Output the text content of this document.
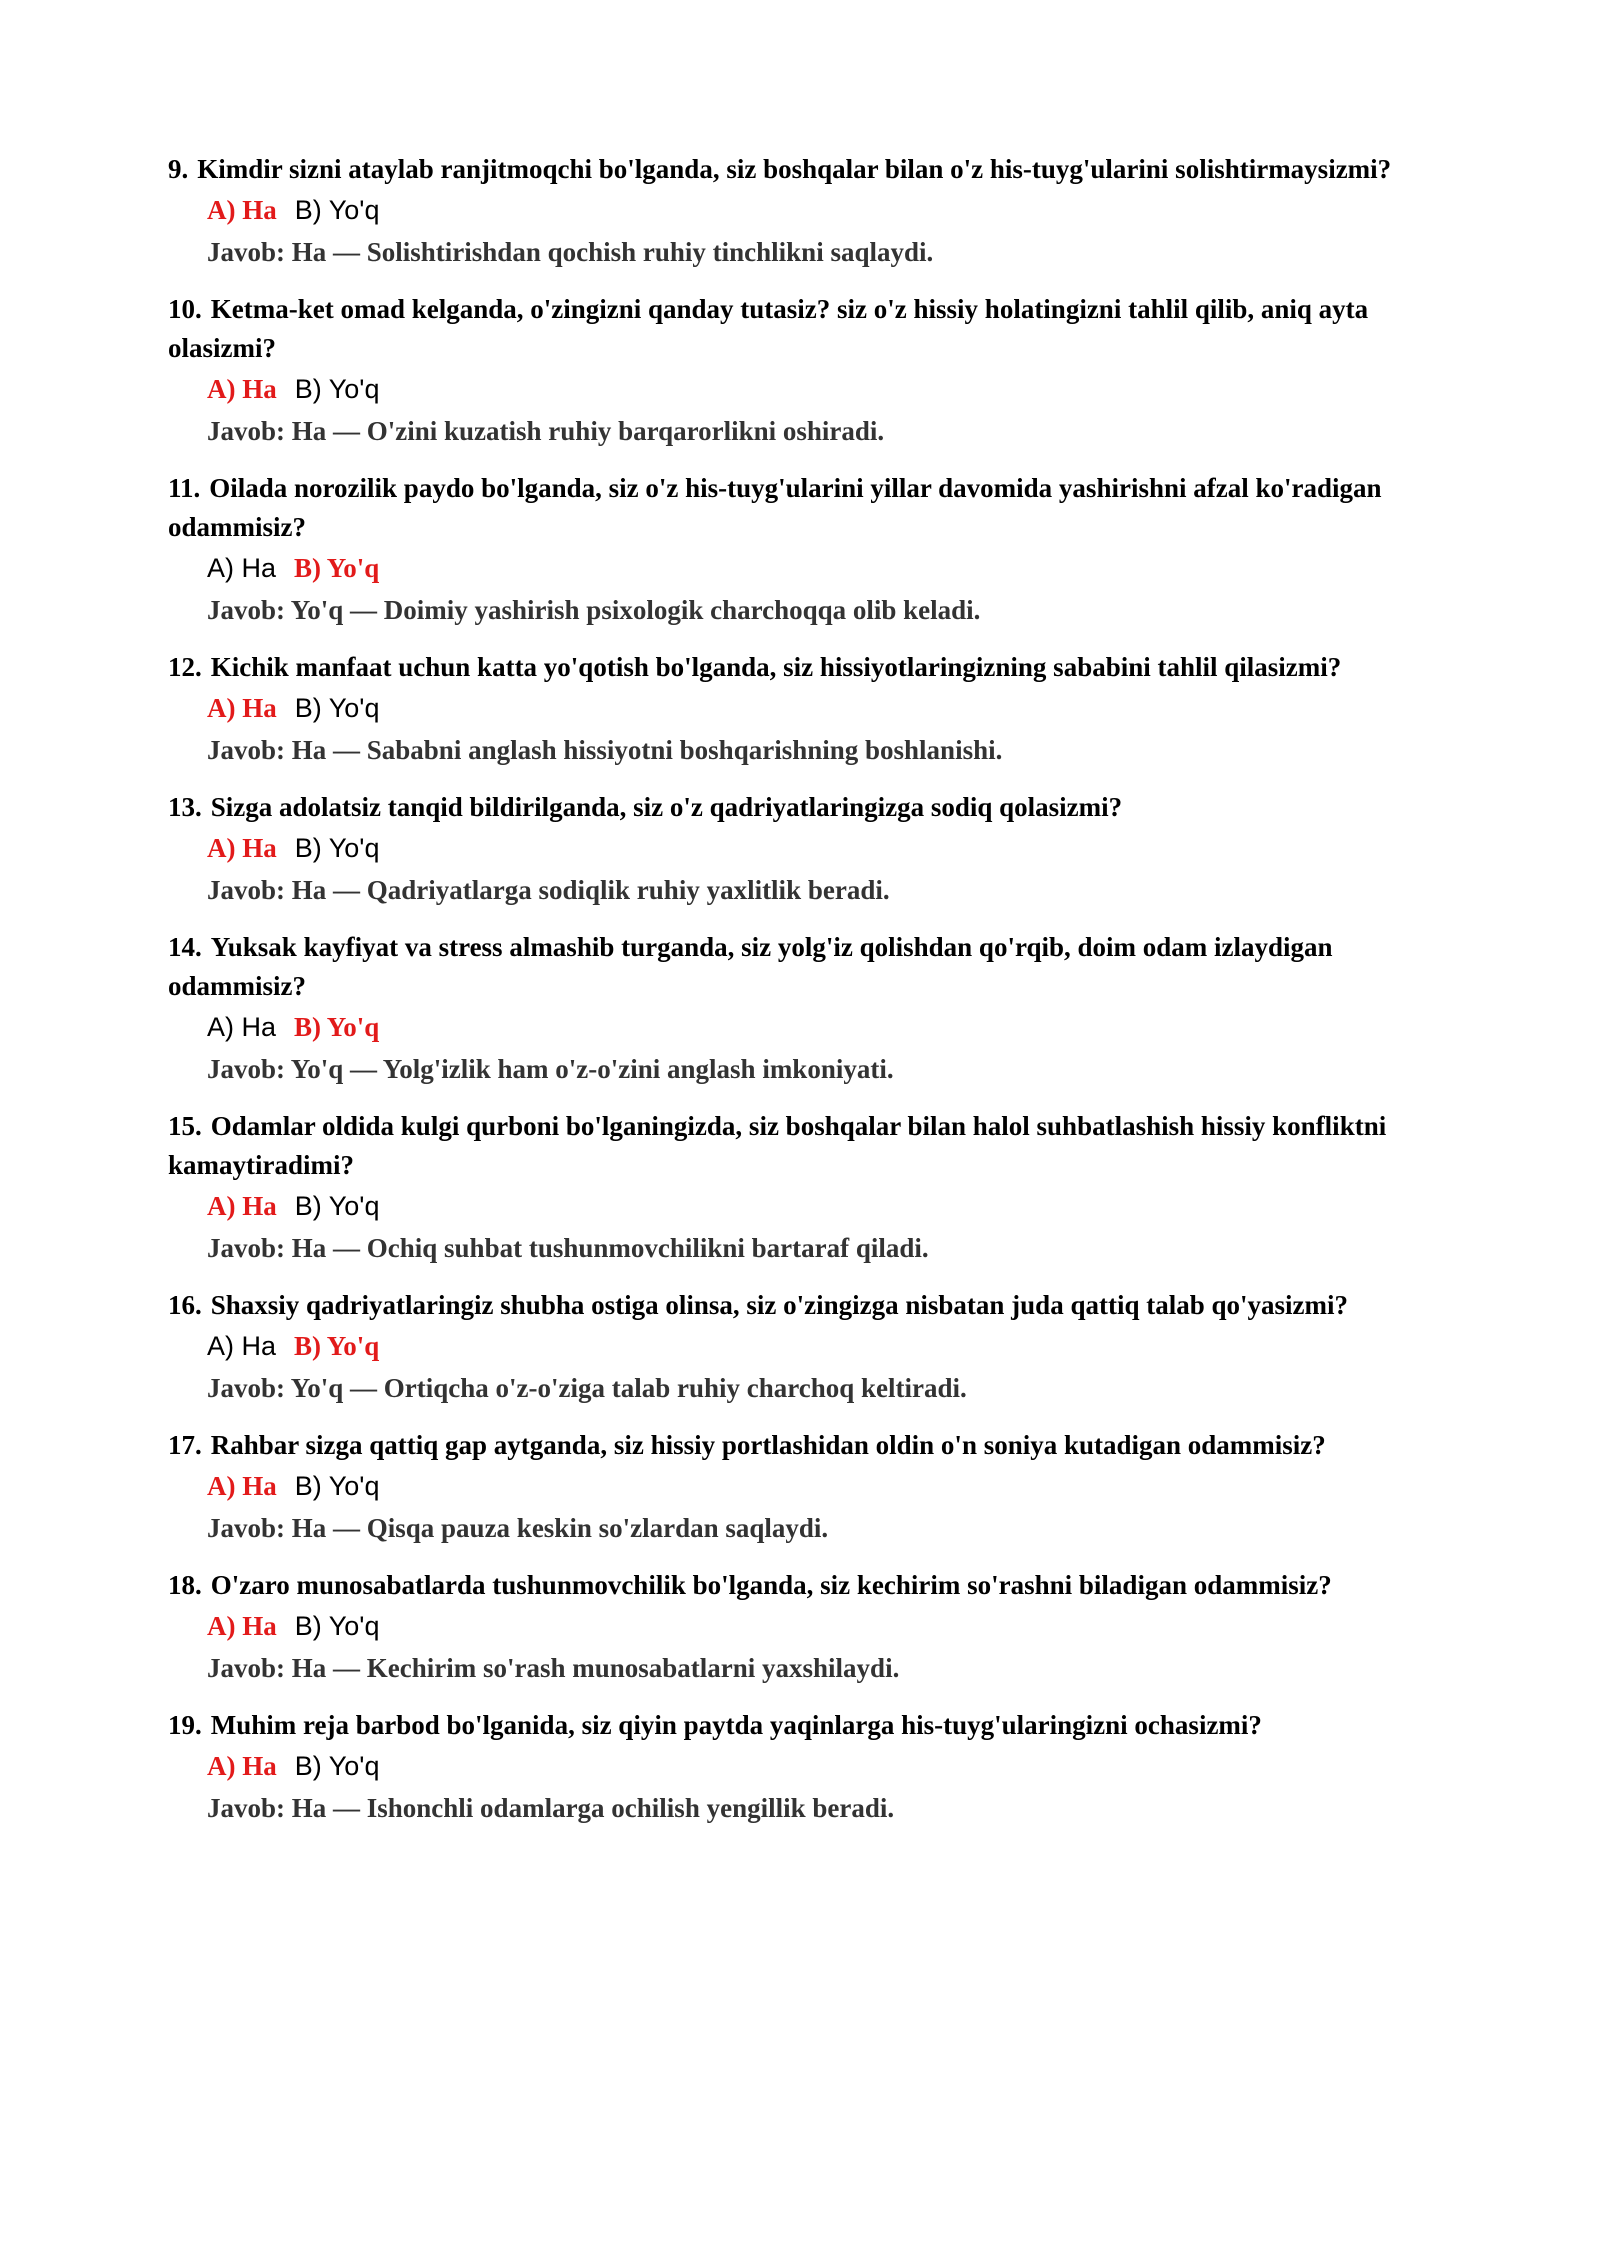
9. Kimdir sizni ataylab ranjitmoqchi bo'lganda, siz boshqalar bilan o'z his-tuyg'ularini solishtirmaysizmi?

A) Ha B) Yo'q
Javob: Ha — Solishtirishdan qochish ruhiy tinchlikni saqlaydi.

10. Ketma-ket omad kelganda, o'zingizni qanday tutasiz? siz o'z hissiy holatingizni tahlil qilib, aniq ayta olasizmi?

A) Ha B) Yo'q
Javob: Ha — O'zini kuzatish ruhiy barqarorlikni oshiradi.

11. Oilada norozilik paydo bo'lganda, siz o'z his-tuyg'ularini yillar davomida yashirishni afzal ko'radigan odammisiz?

A) Ha B) Yo'q
Javob: Yo'q — Doimiy yashirish psixologik charchoqqa olib keladi.

12. Kichik manfaat uchun katta yo'qotish bo'lganda, siz hissiyotlaringizning sababini tahlil qilasizmi?

A) Ha B) Yo'q
Javob: Ha — Sababni anglash hissiyotni boshqarishning boshlanishi.

13. Sizga adolatsiz tanqid bildirilganda, siz o'z qadriyatlaringizga sodiq qolasizmi?

A) Ha B) Yo'q
Javob: Ha — Qadriyatlarga sodiqlik ruhiy yaxlitlik beradi.

14. Yuksak kayfiyat va stress almashib turganda, siz yolg'iz qolishdan qo'rqib, doim odam izlaydigan odammisiz?

A) Ha B) Yo'q
Javob: Yo'q — Yolg'izlik ham o'z-o'zini anglash imkoniyati.

15. Odamlar oldida kulgi qurboni bo'lganingizda, siz boshqalar bilan halol suhbatlashish hissiy konfliktni kamaytiradimi?

A) Ha B) Yo'q
Javob: Ha — Ochiq suhbat tushunmovchilikni bartaraf qiladi.

16. Shaxsiy qadriyatlaringiz shubha ostiga olinsa, siz o'zingizga nisbatan juda qattiq talab qo'yasizmi?

A) Ha B) Yo'q
Javob: Yo'q — Ortiqcha o'z-o'ziga talab ruhiy charchoq keltiradi.

17. Rahbar sizga qattiq gap aytganda, siz hissiy portlashidan oldin o'n soniya kutadigan odammisiz?

A) Ha B) Yo'q
Javob: Ha — Qisqa pauza keskin so'zlardan saqlaydi.

18. O'zaro munosabatlarda tushunmovchilik bo'lganda, siz kechirim so'rashni biladigan odammisiz?

A) Ha B) Yo'q
Javob: Ha — Kechirim so'rash munosabatlarni yaxshilaydi.

19. Muhim reja barbod bo'lganida, siz qiyin paytda yaqinlarga his-tuyg'ularingizni ochasizmi?

A) Ha B) Yo'q
Javob: Ha — Ishonchli odamlarga ochilish yengillik beradi.
